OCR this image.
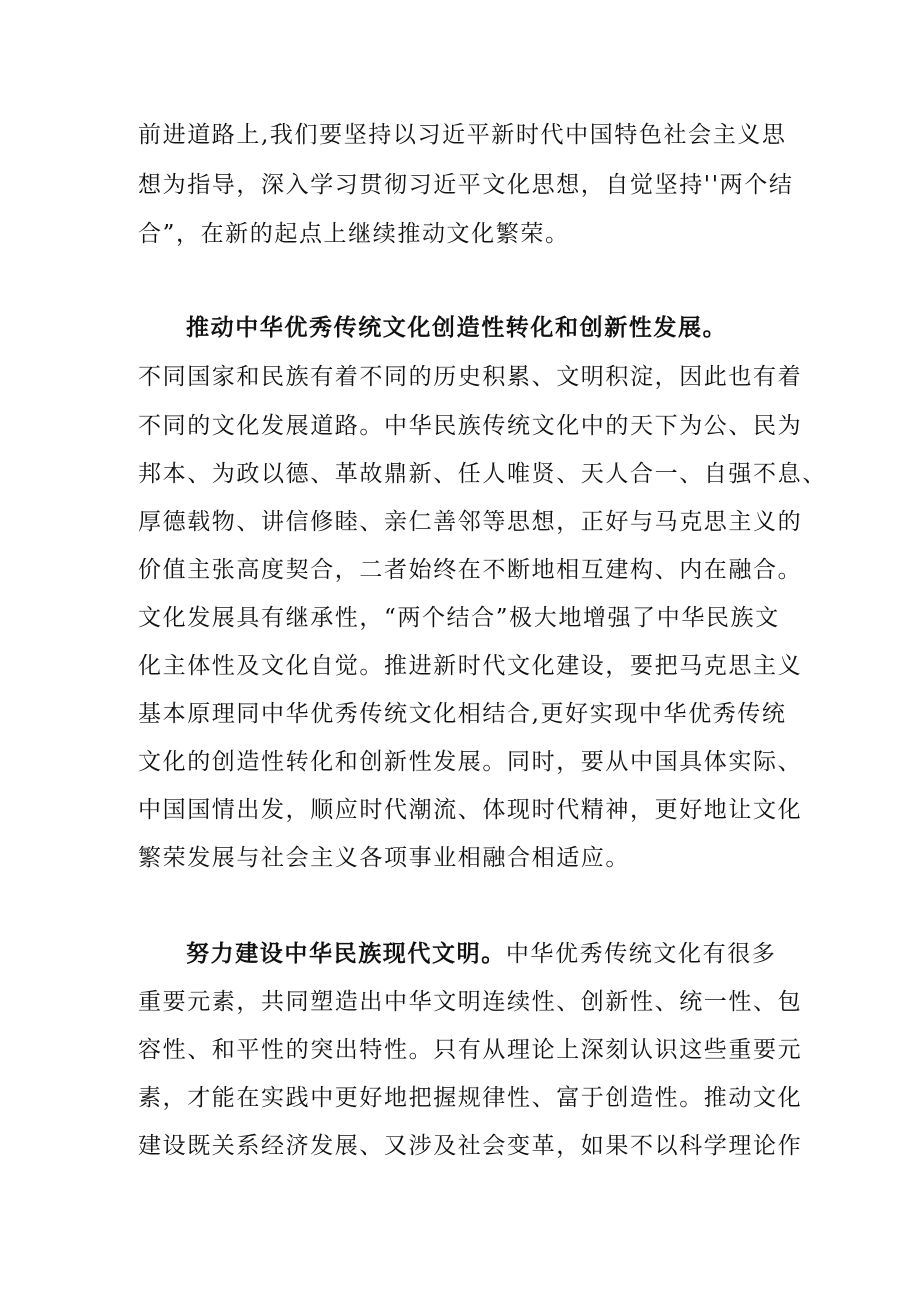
前进道路上,我们要坚持以习近平新时代中国特色社会主义思
想为指导，深入学习贯彻习近平文化思想，自觉坚持''两个结
合”，在新的起点上继续推动文化繁荣。
推动中华优秀传统文化创造性转化和创新性发展。
不同国家和民族有着不同的历史积累、文明积淀，因此也有着
不同的文化发展道路。中华民族传统文化中的天下为公、民为
邦本、为政以德、革故鼎新、任人唯贤、天人合一、自强不息、
厚德载物、讲信修睦、亲仁善邻等思想，正好与马克思主义的
价值主张高度契合，二者始终在不断地相互建构、内在融合。
文化发展具有继承性，“两个结合”极大地增强了中华民族文
化主体性及文化自觉。推进新时代文化建设，要把马克思主义
基本原理同中华优秀传统文化相结合,更好实现中华优秀传统
文化的创造性转化和创新性发展。同时，要从中国具体实际、
中国国情出发，顺应时代潮流、体现时代精神，更好地让文化
繁荣发展与社会主义各项事业相融合相适应。
努力建设中华民族现代文明。中华优秀传统文化有很多
重要元素，共同塑造出中华文明连续性、创新性、统一性、包
容性、和平性的突出特性。只有从理论上深刻认识这些重要元
素，才能在实践中更好地把握规律性、富于创造性。推动文化
建设既关系经济发展、又涉及社会变革，如果不以科学理论作
